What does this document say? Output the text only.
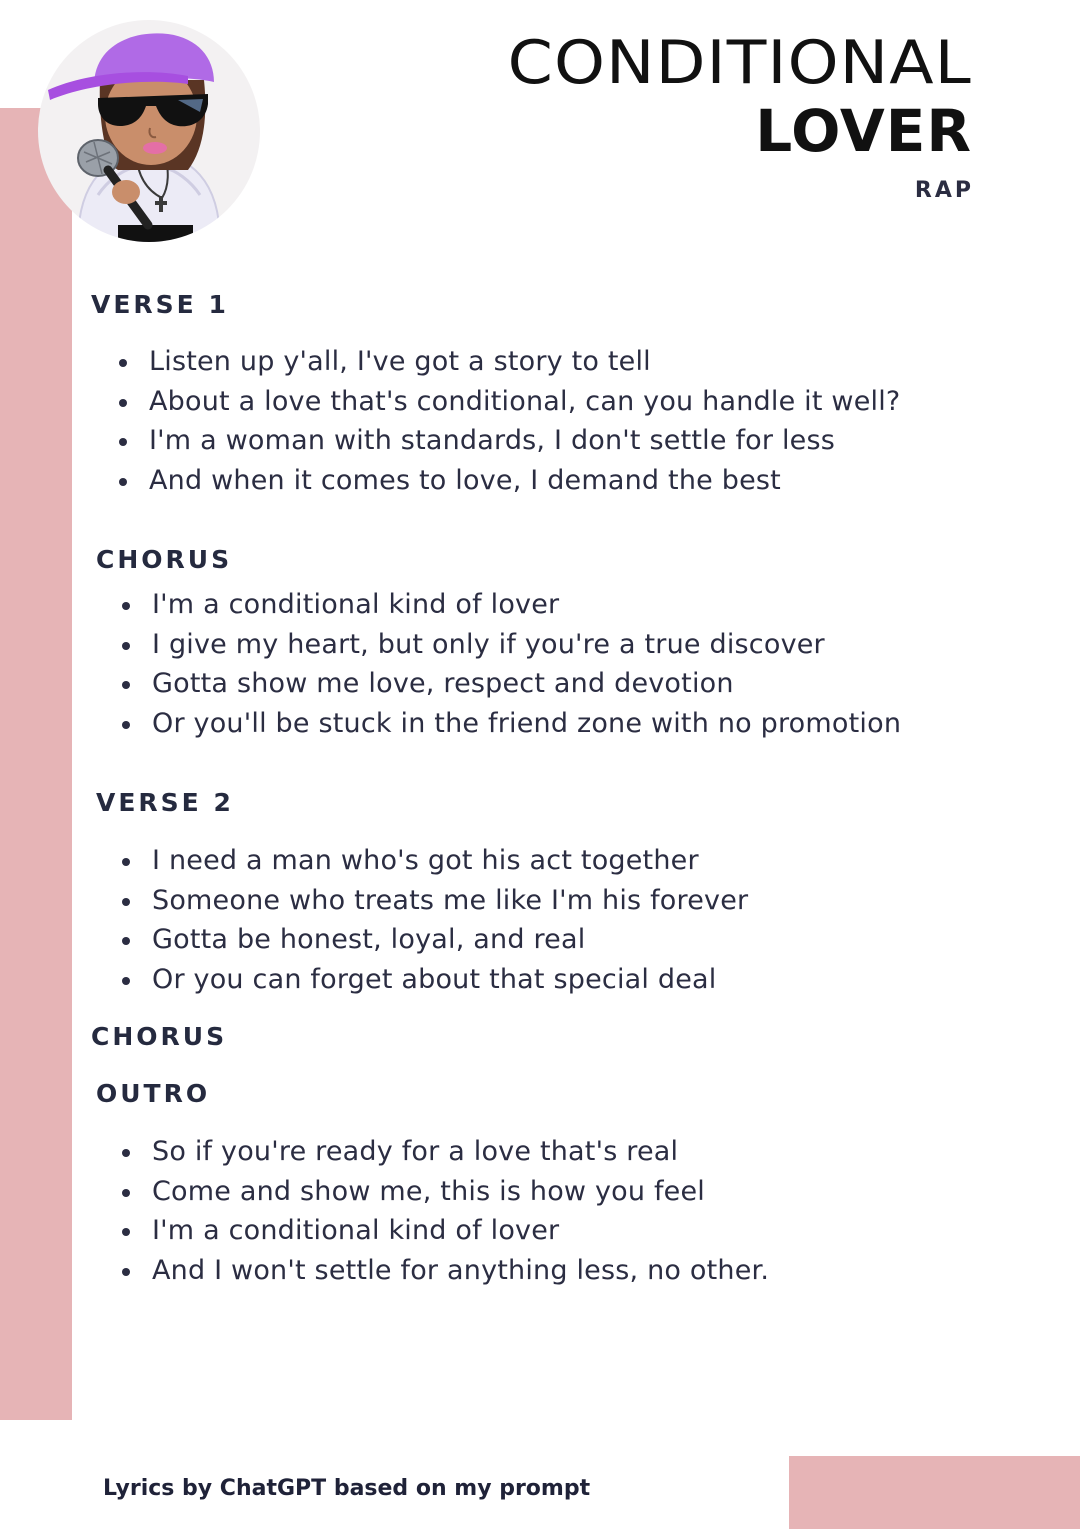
CONDITIONAL
LOVER
RAP
VERSE 1
Listen up y'all, I've got a story to tell
About a love that's conditional, can you handle it well?
I'm a woman with standards, I don't settle for less
And when it comes to love, I demand the best
CHORUS
I'm a conditional kind of lover
I give my heart, but only if you're a true discover
Gotta show me love, respect and devotion
Or you'll be stuck in the friend zone with no promotion
VERSE 2
I need a man who's got his act together
Someone who treats me like I'm his forever
Gotta be honest, loyal, and real
Or you can forget about that special deal
CHORUS
OUTRO
So if you're ready for a love that's real
Come and show me, this is how you feel
I'm a conditional kind of lover
And I won't settle for anything less, no other.
Lyrics by ChatGPT based on my prompt
